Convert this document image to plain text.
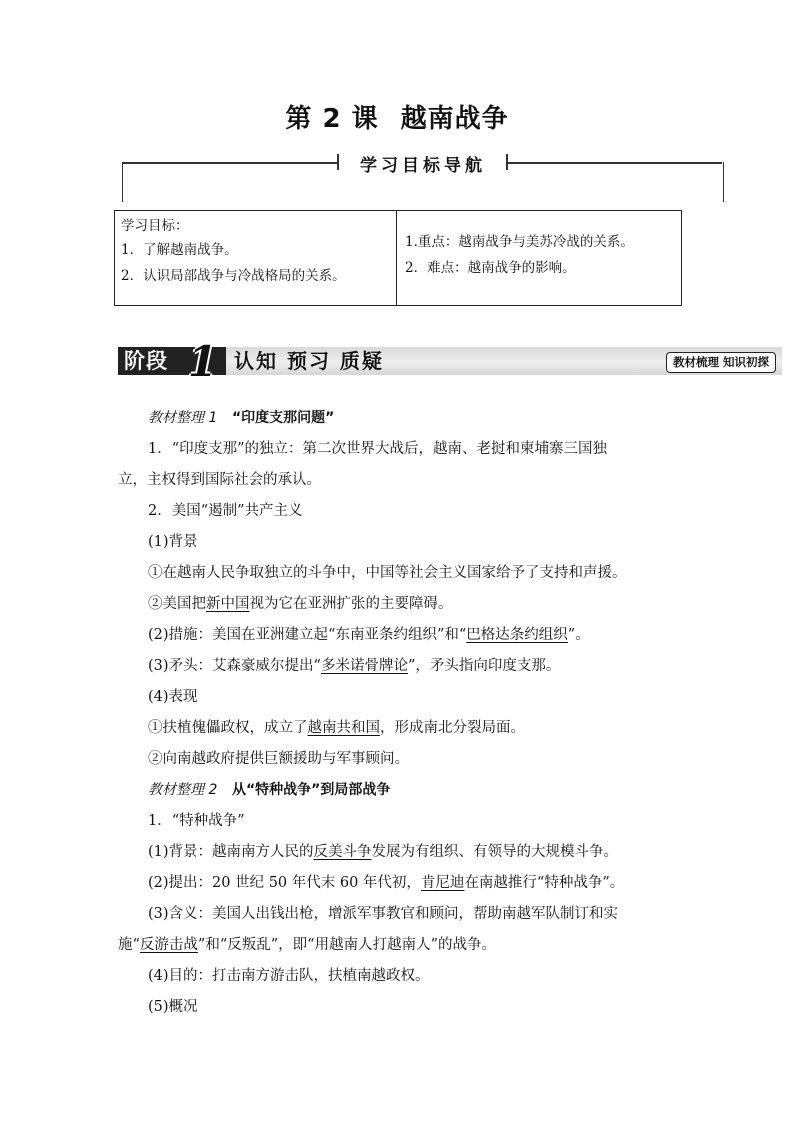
第 2 课 越南战争
学习目标导航

学习目标：

1．了解越南战争。

2．认识局部战争与冷战格局的关系。

1.重点：越南战争与美苏冷战的关系。

2．难点：越南战争的影响。

阶段 1 认知 预习 质疑	教材梳理 知识初探

教材整理 1 “印度支那问题”

1．“印度支那”的独立：第二次世界大战后，越南、老挝和柬埔寨三国独

立，主权得到国际社会的承认。

2．美国“遏制”共产主义

(1)背景

①在越南人民争取独立的斗争中，中国等社会主义国家给予了支持和声援。

②美国把新中国视为它在亚洲扩张的主要障碍。

(2)措施：美国在亚洲建立起“东南亚条约组织”和“巴格达条约组织”。

(3)矛头：艾森豪威尔提出“多米诺骨牌论”，矛头指向印度支那。

(4)表现

①扶植傀儡政权，成立了越南共和国，形成南北分裂局面。

②向南越政府提供巨额援助与军事顾问。

教材整理 2 从“特种战争”到局部战争

1．“特种战争”

(1)背景：越南南方人民的反美斗争发展为有组织、有领导的大规模斗争。

(2)提出：20 世纪 50 年代末 60 年代初，肯尼迪在南越推行“特种战争”。

(3)含义：美国人出钱出枪，增派军事教官和顾问，帮助南越军队制订和实

施“反游击战”和“反叛乱”，即“用越南人打越南人”的战争。

(4)目的：打击南方游击队，扶植南越政权。

(5)概况
